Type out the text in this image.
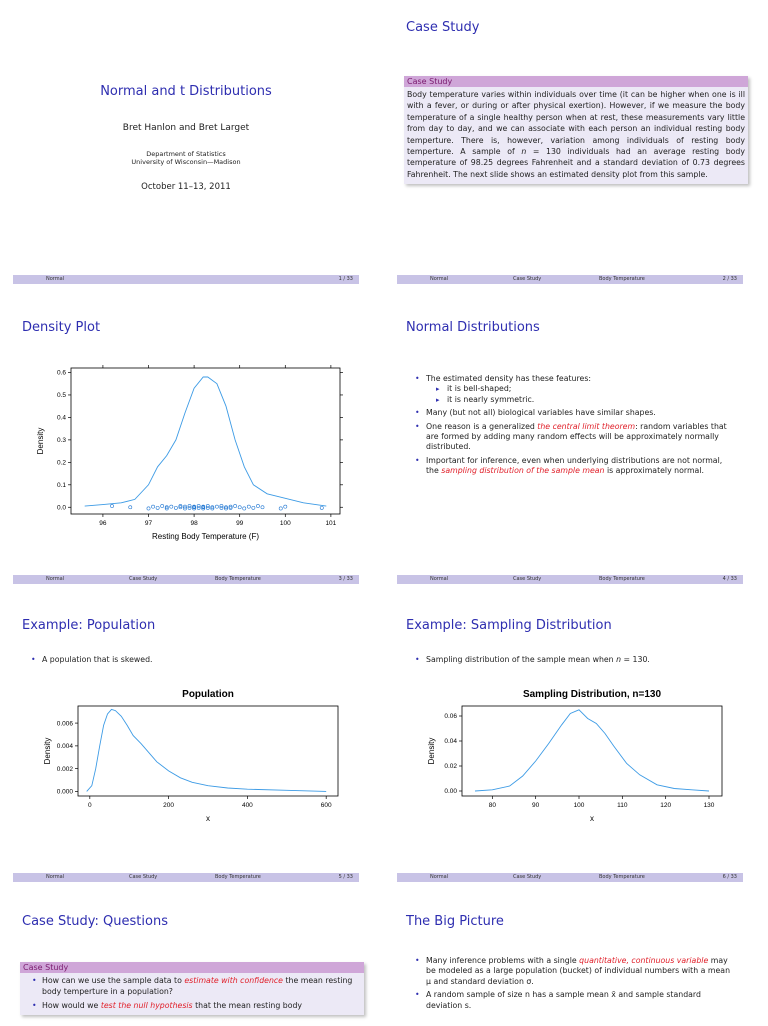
Normal and t Distributions
Bret Hanlon and Bret Larget
Department of Statistics
University of Wisconsin—Madison
October 11–13, 2011
Normal	1 / 33
Case Study
Case Study
Body temperature varies within individuals over time (it can be higher when one is ill with a fever, or during or after physical exertion). However, if we measure the body temperature of a single healthy person when at rest, these measurements vary little from day to day, and we can associate with each person an individual resting body temperture. There is, however, variation among individuals of resting body temperture. A sample of n = 130 individuals had an average resting body temperature of 98.25 degrees Fahrenheit and a standard deviation of 0.73 degrees Fahrenheit. The next slide shows an estimated density plot from this sample.
Normal	Case Study	Body Temperature	2 / 33
Density Plot
96	97	98	99	100	101
0.0
0.1
0.2
0.3
0.4
0.5
0.6
Resting Body Temperature (F)
Density
Normal	Case Study	Body Temperature	3 / 33
Normal Distributions
• The estimated density has these features:
▸ it is bell-shaped;
▸ it is nearly symmetric.
• Many (but not all) biological variables have similar shapes.
• One reason is a generalized the central limit theorem: random variables that are formed by adding many random effects will be approximately normally distributed.
• Important for inference, even when underlying distributions are not normal, the sampling distribution of the sample mean is approximately normal.
Normal	Case Study	Body Temperature	4 / 33
Example: Population
• A population that is skewed.
Population
0	200	400	600
0.000
0.002
0.004
0.006
x
Density
Normal	Case Study	Body Temperature	5 / 33
Example: Sampling Distribution
• Sampling distribution of the sample mean when n = 130.
Sampling Distribution, n=130
80	90	100	110	120	130
0.00
0.02
0.04
0.06
x
Density
Normal	Case Study	Body Temperature	6 / 33
Case Study: Questions
Case Study
• How can we use the sample data to estimate with confidence the mean resting body temperture in a population?
• How would we test the null hypothesis that the mean resting body
The Big Picture
• Many inference problems with a single quantitative, continuous variable may be modeled as a large population (bucket) of individual numbers with a mean μ and standard deviation σ.
• A random sample of size n has a sample mean x̄ and sample standard deviation s.
